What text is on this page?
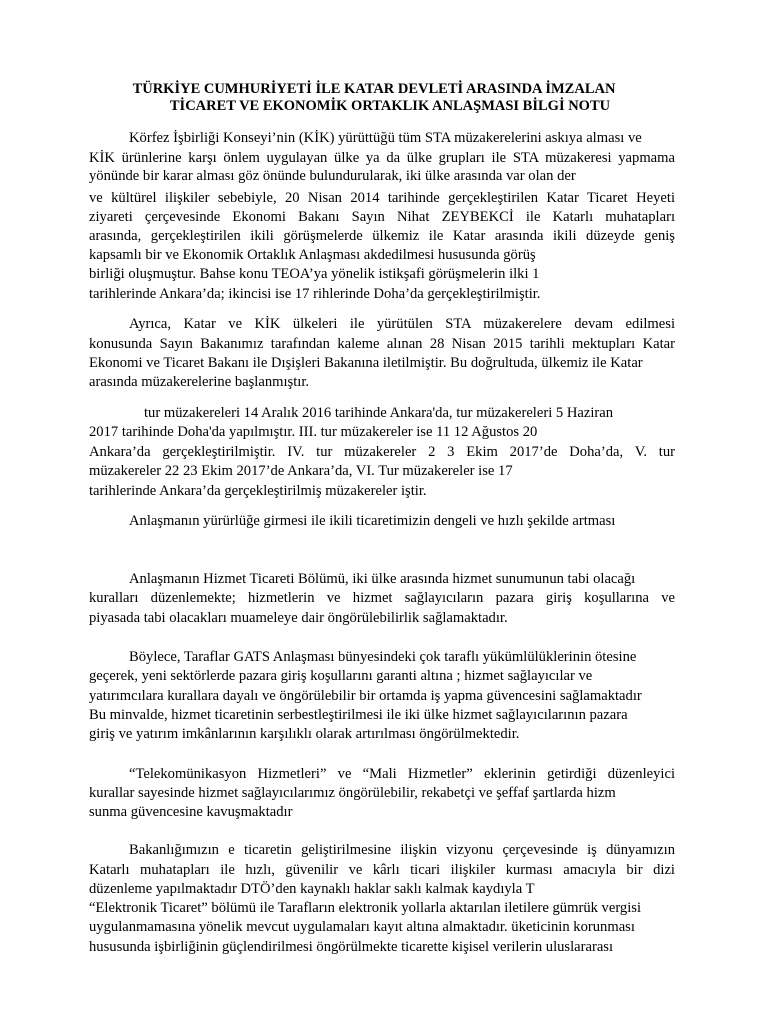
TÜRKİYE CUMHURİYETİ İLE KATAR DEVLETİ ARASINDA İMZALAN
TİCARET VE EKONOMİK ORTAKLIK ANLAŞMASI BİLGİ NOTU
Körfez İşbirliği Konseyi’nin (KİK) yürüttüğü tüm STA müzakerelerini askıya alması ve
KİK ürünlerine karşı önlem uygulayan ülke ya da ülke grupları ile STA müzakeresi yapmama
yönünde bir karar alması göz önünde bulundurularak, iki ülke arasında var olan der
ve kültürel ilişkiler sebebiyle, 20 Nisan 2014 tarihinde gerçekleştirilen Katar Ticaret Heyeti
ziyareti çerçevesinde Ekonomi Bakanı Sayın Nihat ZEYBEKCİ ile Katarlı muhatapları
arasında, gerçekleştirilen ikili görüşmelerde ülkemiz ile Katar arasında ikili düzeyde geniş
kapsamlı bir ve Ekonomik Ortaklık Anlaşması akdedilmesi hususunda görüş
birliği oluşmuştur. Bahse konu TEOA’ya yönelik istikşafi görüşmelerin ilki 1
tarihlerinde Ankara’da; ikincisi ise 17 rihlerinde Doha’da gerçekleştirilmiştir.
Ayrıca, Katar ve KİK ülkeleri ile yürütülen STA müzakerelere devam edilmesi
konusunda Sayın Bakanımız tarafından kaleme alınan 28 Nisan 2015 tarihli mektupları Katar
Ekonomi ve Ticaret Bakanı ile Dışişleri Bakanına iletilmiştir. Bu doğrultuda, ülkemiz ile Katar
arasında müzakerelerine başlanmıştır.
tur müzakereleri 14 Aralık 2016 tarihinde Ankara'da, tur müzakereleri 5 Haziran
2017 tarihinde Doha'da yapılmıştır. III. tur müzakereler ise 11 12 Ağustos 20
Ankara’da gerçekleştirilmiştir. IV. tur müzakereler 2 3 Ekim 2017’de Doha’da, V. tur
müzakereler 22 23 Ekim 2017’de Ankara’da, VI. Tur müzakereler ise 17
tarihlerinde Ankara’da gerçekleştirilmiş müzakereler iştir.
Anlaşmanın yürürlüğe girmesi ile ikili ticaretimizin dengeli ve hızlı şekilde artması
Anlaşmanın Hizmet Ticareti Bölümü, iki ülke arasında hizmet sunumunun tabi olacağı
kuralları düzenlemekte; hizmetlerin ve hizmet sağlayıcıların pazara giriş koşullarına ve
piyasada tabi olacakları muameleye dair öngörülebilirlik sağlamaktadır.
Böylece, Taraflar GATS Anlaşması bünyesindeki çok taraflı yükümlülüklerinin ötesine
geçerek, yeni sektörlerde pazara giriş koşullarını garanti altına ; hizmet sağlayıcılar ve
yatırımcılara kurallara dayalı ve öngörülebilir bir ortamda iş yapma güvencesini sağlamaktadır
Bu minvalde, hizmet ticaretinin serbestleştirilmesi ile iki ülke hizmet sağlayıcılarının pazara
giriş ve yatırım imkânlarının karşılıklı olarak artırılması öngörülmektedir.
“Telekomünikasyon Hizmetleri” ve “Mali Hizmetler” eklerinin getirdiği düzenleyici
kurallar sayesinde hizmet sağlayıcılarımız öngörülebilir, rekabetçi ve şeffaf şartlarda hizm
sunma güvencesine kavuşmaktadır
Bakanlığımızın e ticaretin geliştirilmesine ilişkin vizyonu çerçevesinde iş dünyamızın
Katarlı muhatapları ile hızlı, güvenilir ve kârlı ticari ilişkiler kurması amacıyla bir dizi
düzenleme yapılmaktadır DTÖ’den kaynaklı haklar saklı kalmak kaydıyla T
“Elektronik Ticaret” bölümü ile Tarafların elektronik yollarla aktarılan iletilere gümrük vergisi
uygulanmamasına yönelik mevcut uygulamaları kayıt altına almaktadır. üketicinin korunması
hususunda işbirliğinin güçlendirilmesi öngörülmekte ticarette kişisel verilerin uluslararası
